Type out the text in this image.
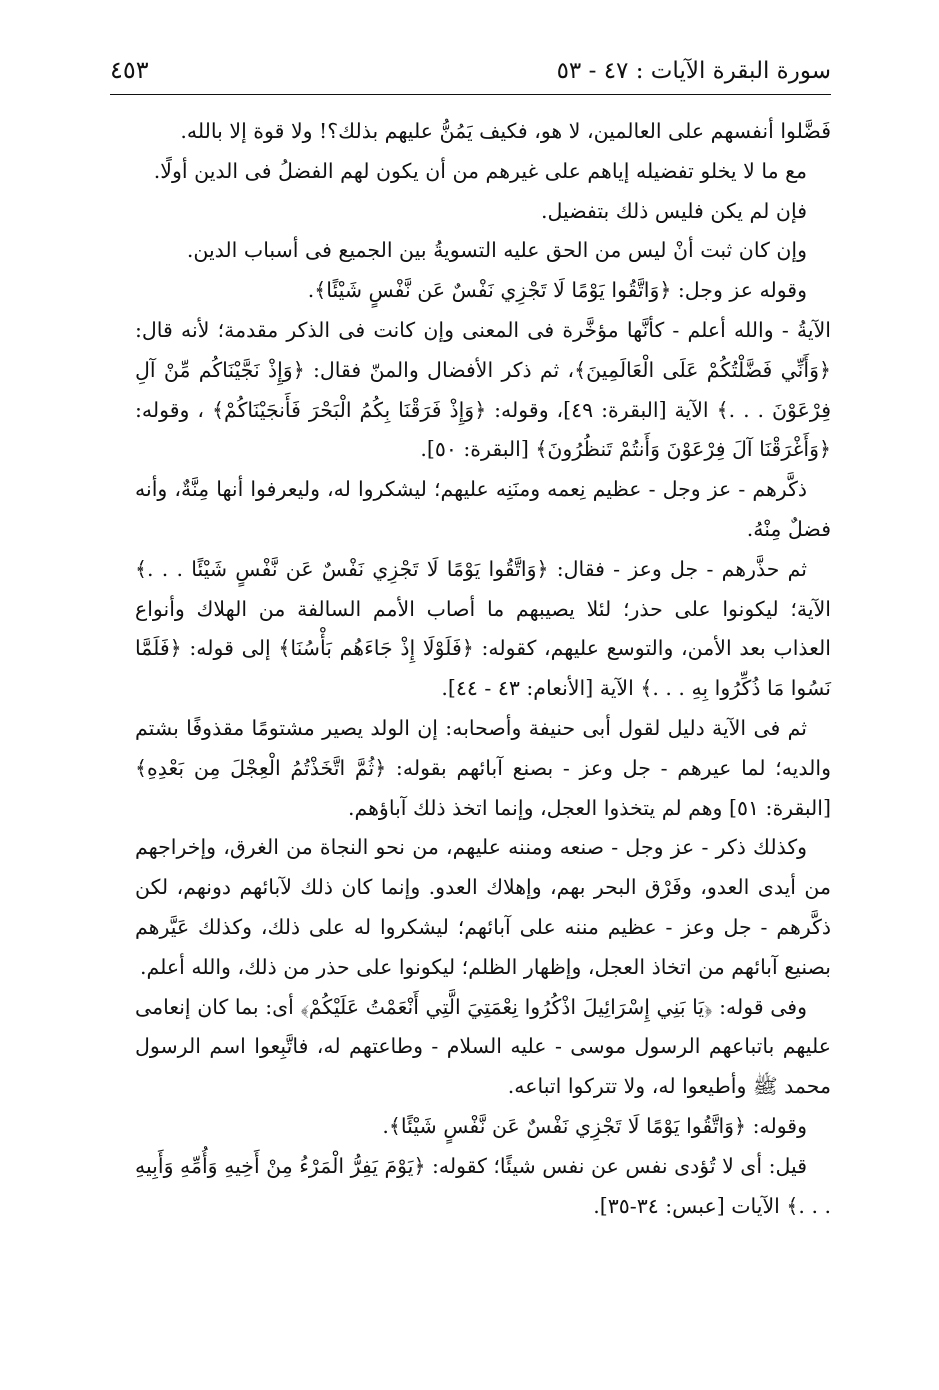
سورة البقرة الآيات : ٤٧ - ٥٣
٤٥٣

فَضَّلوا أنفسهم على العالمين، لا هو، فكيف يَمُنُّ عليهم بذلك؟! ولا قوة إلا بالله.

مع ما لا يخلو تفضيله إياهم على غيرهم من أن يكون لهم الفضلُ فى الدين أولًا.

فإن لم يكن فليس ذلك بتفضيل.

وإن كان ثبت أنْ ليس من الحق عليه التسويةُ بين الجميع فى أسباب الدين.

وقوله عز وجل: ﴿وَاتَّقُوا يَوْمًا لَا تَجْزِي نَفْسٌ عَن نَّفْسٍ شَيْئًا﴾.

الآيةُ - والله أعلم - كأنَّها مؤخَّرة فى المعنى وإن كانت فى الذكر مقدمة؛ لأنه قال: ﴿وَأَنِّي فَضَّلْتُكُمْ عَلَى الْعَالَمِينَ﴾، ثم ذكر الأفضال والمنّ فقال: ﴿وَإِذْ نَجَّيْنَاكُم مِّنْ آلِ فِرْعَوْنَ . . .﴾ الآية [البقرة: ٤٩]، وقوله: ﴿وَإِذْ فَرَقْنَا بِكُمُ الْبَحْرَ فَأَنجَيْنَاكُمْ﴾ ، وقوله: ﴿وَأَغْرَقْنَا آلَ فِرْعَوْنَ وَأَنتُمْ تَنظُرُونَ﴾ [البقرة: ٥٠].

ذكَّرهم - عز وجل - عظيم نِعمه ومنَنِه عليهم؛ ليشكروا له، وليعرفوا أنها مِنَّةٌ، وأنه فضلٌ مِنْهُ.

ثم حذَّرهم - جل وعز - فقال: ﴿وَاتَّقُوا يَوْمًا لَا تَجْزِي نَفْسٌ عَن نَّفْسٍ شَيْئًا . . .﴾ الآية؛ ليكونوا على حذر؛ لئلا يصيبهم ما أصاب الأمم السالفة من الهلاك وأنواع العذاب بعد الأمن، والتوسع عليهم، كقوله: ﴿فَلَوْلَا إِذْ جَاءَهُم بَأْسُنَا﴾ إلى قوله: ﴿فَلَمَّا نَسُوا مَا ذُكِّرُوا بِهِ . . .﴾ الآية [الأنعام: ٤٣ - ٤٤].

ثم فى الآية دليل لقول أبى حنيفة وأصحابه: إن الولد يصير مشتومًا مقذوفًا بشتم والديه؛ لما عيرهم - جل وعز - بصنع آبائهم بقوله: ﴿ثُمَّ اتَّخَذْتُمُ الْعِجْلَ مِن بَعْدِهِ﴾ [البقرة: ٥١] وهم لم يتخذوا العجل، وإنما اتخذ ذلك آباؤهم.

وكذلك ذكر - عز وجل - صنعه ومننه عليهم، من نحو النجاة من الغرق، وإخراجهم من أيدى العدو، وفَرْق البحر بهم، وإهلاك العدو. وإنما كان ذلك لآبائهم دونهم، لكن ذكَّرهم - جل وعز - عظيم مننه على آبائهم؛ ليشكروا له على ذلك، وكذلك عَيَّرهم بصنيع آبائهم من اتخاذ العجل، وإظهار الظلم؛ ليكونوا على حذر من ذلك، والله أعلم.

وفى قوله: ﴿يَا بَنِي إِسْرَائِيلَ اذْكُرُوا نِعْمَتِيَ الَّتِي أَنْعَمْتُ عَلَيْكُمْ﴾ أى: بما كان إنعامى عليهم باتباعهم الرسول موسى - عليه السلام - وطاعتهم له، فاتَّبِعوا اسم الرسول محمد ﷺ وأطيعوا له، ولا تتركوا اتباعه.

وقوله: ﴿وَاتَّقُوا يَوْمًا لَا تَجْزِي نَفْسٌ عَن نَّفْسٍ شَيْئًا﴾.

قيل: أى لا تُؤدى نفس عن نفس شيئًا؛ كقوله: ﴿يَوْمَ يَفِرُّ الْمَرْءُ مِنْ أَخِيهِ وَأُمِّهِ وَأَبِيهِ . . .﴾ الآيات [عبس: ٣٤-٣٥].
